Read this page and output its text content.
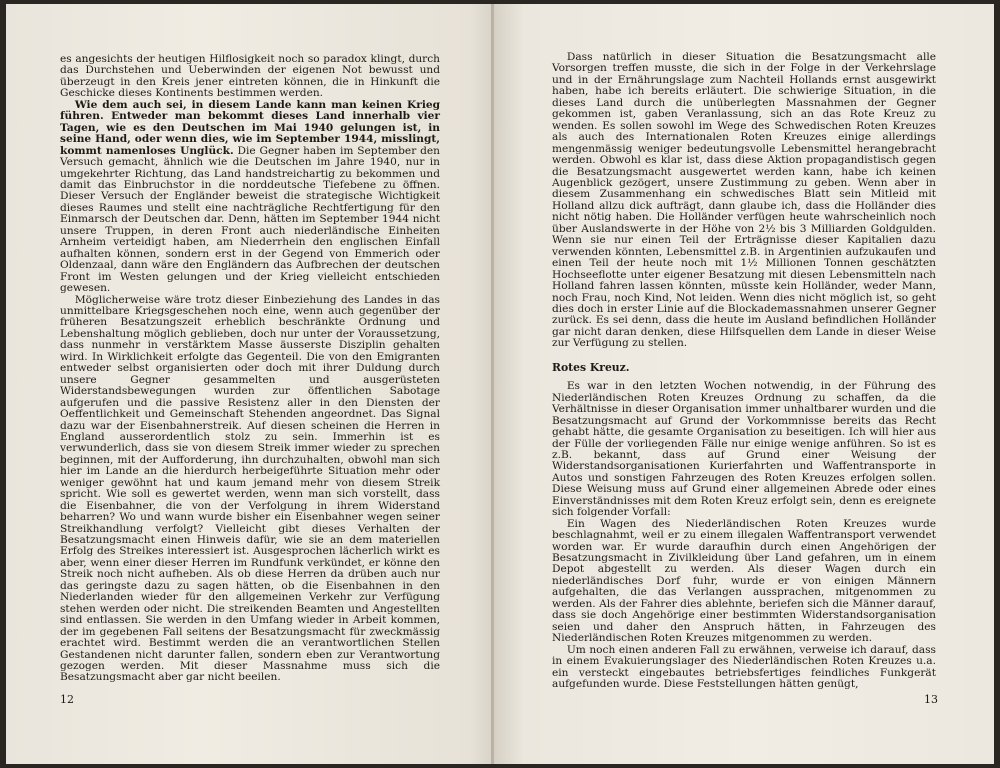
es angesichts der heutigen Hilflosigkeit noch so paradox klingt, durch das Durchstehen und Ueberwinden der eigenen Not bewusst und überzeugt in den Kreis jener eintreten können, die in Hinkunft die Geschicke dieses Kontinents bestimmen werden.

Wie dem auch sei, in diesem Lande kann man keinen Krieg führen. Entweder man bekommt dieses Land innerhalb vier Tagen, wie es den Deutschen im Mai 1940 gelungen ist, in seine Hand, oder wenn dies, wie im September 1944, misslingt, kommt namenloses Unglück. Die Gegner haben im September den Versuch gemacht, ähnlich wie die Deutschen im Jahre 1940, nur in umgekehrter Richtung, das Land handstreichartig zu bekommen und damit das Einbruchstor in die norddeutsche Tiefebene zu öffnen. Dieser Versuch der Engländer beweist die strategische Wichtigkeit dieses Raumes und stellt eine nachträgliche Rechtfertigung für den Einmarsch der Deutschen dar. Denn, hätten im September 1944 nicht unsere Truppen, in deren Front auch niederländische Einheiten Arnheim verteidigt haben, am Niederrhein den englischen Einfall aufhalten können, sondern erst in der Gegend von Emmerich oder Oldenzaal, dann wäre den Engländern das Aufbrechen der deutschen Front im Westen gelungen und der Krieg vielleicht entschieden gewesen.

Möglicherweise wäre trotz dieser Einbeziehung des Landes in das unmittelbare Kriegsgeschehen noch eine, wenn auch gegenüber der früheren Besatzungszeit erheblich beschränkte Ordnung und Lebenshaltung möglich geblieben, doch nur unter der Voraussetzung, dass nunmehr in verstärktem Masse äusserste Disziplin gehalten wird. In Wirklichkeit erfolgte das Gegenteil. Die von den Emigranten entweder selbst organisierten oder doch mit ihrer Duldung durch unsere Gegner gesammelten und ausgerüsteten Widerstandsbewegungen wurden zur öffentlichen Sabotage aufgerufen und die passive Resistenz aller in den Diensten der Oeffentlichkeit und Gemeinschaft Stehenden angeordnet. Das Signal dazu war der Eisenbahnerstreik. Auf diesen scheinen die Herren in England ausserordentlich stolz zu sein. Immerhin ist es verwunderlich, dass sie von diesem Streik immer wieder zu sprechen beginnen, mit der Aufforderung, ihn durchzuhalten, obwohl man sich hier im Lande an die hierdurch herbeigeführte Situation mehr oder weniger gewöhnt hat und kaum jemand mehr von diesem Streik spricht. Wie soll es gewertet werden, wenn man sich vorstellt, dass die Eisenbahner, die von der Verfolgung in ihrem Widerstand beharren? Wo und wann wurde bisher ein Eisenbahner wegen seiner Streikhandlung verfolgt? Vielleicht gibt dieses Verhalten der Besatzungsmacht einen Hinweis dafür, wie sie an dem materiellen Erfolg des Streikes interessiert ist. Ausgesprochen lächerlich wirkt es aber, wenn einer dieser Herren im Rundfunk verkündet, er könne den Streik noch nicht aufheben. Als ob diese Herren da drüben auch nur das geringste dazu zu sagen hätten, ob die Eisenbahnen in den Niederlanden wieder für den allgemeinen Verkehr zur Verfügung stehen werden oder nicht. Die streikenden Beamten und Angestellten sind entlassen. Sie werden in den Umfang wieder in Arbeit kommen, der im gegebenen Fall seitens der Besatzungsmacht für zweckmässig erachtet wird. Bestimmt werden die an verantwortlichen Stellen Gestandenen nicht darunter fallen, sondern eben zur Verantwortung gezogen werden. Mit dieser Massnahme muss sich die Besatzungsmacht aber gar nicht beeilen.

12

Dass natürlich in dieser Situation die Besatzungsmacht alle Vorsorgen treffen musste, die sich in der Folge in der Verkehrslage und in der Ernährungslage zum Nachteil Hollands ernst ausgewirkt haben, habe ich bereits erläutert. Die schwierige Situation, in die dieses Land durch die unüberlegten Massnahmen der Gegner gekommen ist, gaben Veranlassung, sich an das Rote Kreuz zu wenden. Es sollen sowohl im Wege des Schwedischen Roten Kreuzes als auch des Internationalen Roten Kreuzes einige allerdings mengenmässig weniger bedeutungsvolle Lebensmittel herangebracht werden. Obwohl es klar ist, dass diese Aktion propagandistisch gegen die Besatzungsmacht ausgewertet werden kann, habe ich keinen Augenblick gezögert, unsere Zustimmung zu geben. Wenn aber in diesem Zusammenhang ein schwedisches Blatt sein Mitleid mit Holland allzu dick aufträgt, dann glaube ich, dass die Holländer dies nicht nötig haben. Die Holländer verfügen heute wahrscheinlich noch über Auslandswerte in der Höhe von 2½ bis 3 Milliarden Goldgulden. Wenn sie nur einen Teil der Erträgnisse dieser Kapitalien dazu verwenden könnten, Lebensmittel z.B. in Argentinien aufzukaufen und einen Teil der heute noch mit 1½ Millionen Tonnen geschätzten Hochseeflotte unter eigener Besatzung mit diesen Lebensmitteln nach Holland fahren lassen könnten, müsste kein Holländer, weder Mann, noch Frau, noch Kind, Not leiden. Wenn dies nicht möglich ist, so geht dies doch in erster Linie auf die Blockademassnahmen unserer Gegner zurück. Es sei denn, dass die heute im Ausland befindlichen Holländer gar nicht daran denken, diese Hilfsquellen dem Lande in dieser Weise zur Verfügung zu stellen.

Rotes Kreuz.

Es war in den letzten Wochen notwendig, in der Führung des Niederländischen Roten Kreuzes Ordnung zu schaffen, da die Verhältnisse in dieser Organisation immer unhaltbarer wurden und die Besatzungsmacht auf Grund der Vorkommnisse bereits das Recht gehabt hätte, die gesamte Organisation zu beseitigen. Ich will hier aus der Fülle der vorliegenden Fälle nur einige wenige anführen. So ist es z.B. bekannt, dass auf Grund einer Weisung der Widerstandsorganisationen Kurierfahrten und Waffentransporte in Autos und sonstigen Fahrzeugen des Roten Kreuzes erfolgen sollen. Diese Weisung muss auf Grund einer allgemeinen Abrede oder eines Einverständnisses mit dem Roten Kreuz erfolgt sein, denn es ereignete sich folgender Vorfall:

Ein Wagen des Niederländischen Roten Kreuzes wurde beschlagnahmt, weil er zu einem illegalen Waffentransport verwendet worden war. Er wurde daraufhin durch einen Angehörigen der Besatzungsmacht in Zivilkleidung über Land gefahren, um in einem Depot abgestellt zu werden. Als dieser Wagen durch ein niederländisches Dorf fuhr, wurde er von einigen Männern aufgehalten, die das Verlangen aussprachen, mitgenommen zu werden. Als der Fahrer dies ablehnte, beriefen sich die Männer darauf, dass sie doch Angehörige einer bestimmten Widerstandsorganisation seien und daher den Anspruch hätten, in Fahrzeugen des Niederländischen Roten Kreuzes mitgenommen zu werden.

Um noch einen anderen Fall zu erwähnen, verweise ich darauf, dass in einem Evakuierungslager des Niederländischen Roten Kreuzes u.a. ein versteckt eingebautes betriebsfertiges feindliches Funkgerät aufgefunden wurde. Diese Feststellungen hätten genügt,

13
